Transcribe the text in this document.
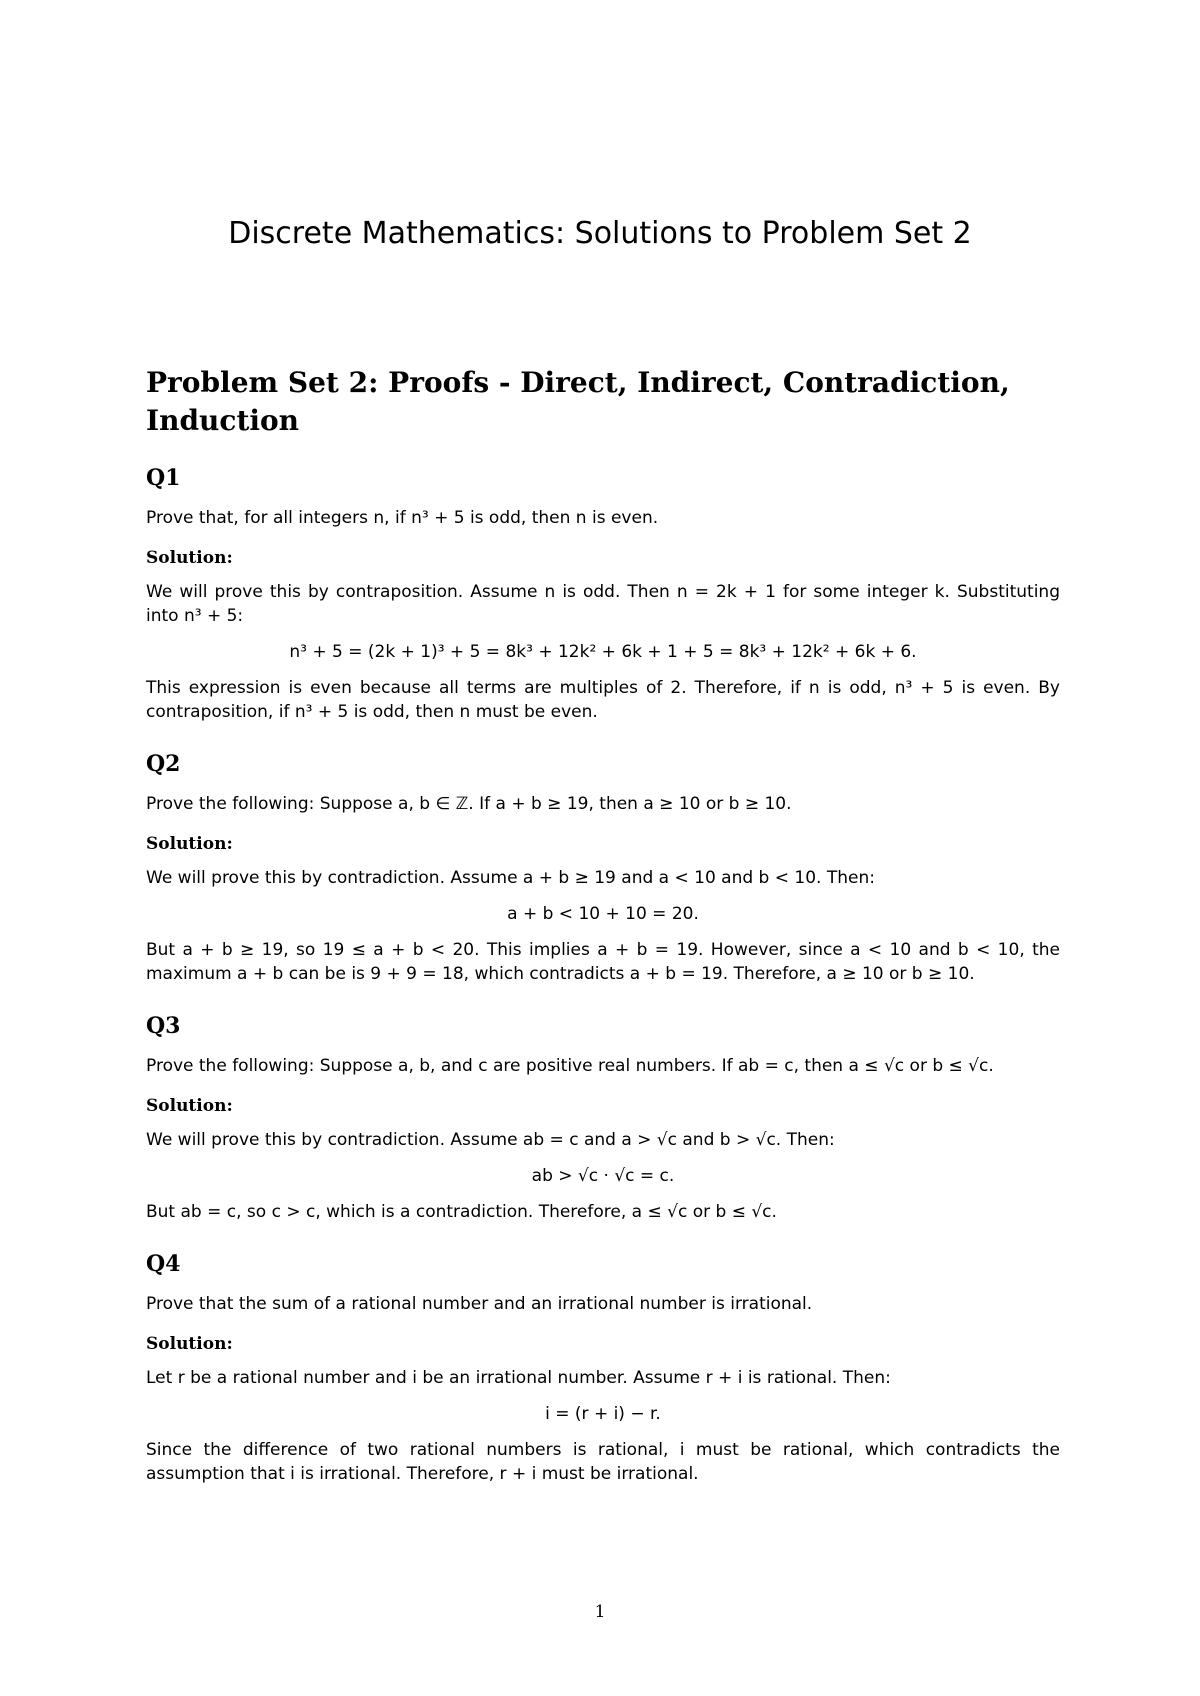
Discrete Mathematics: Solutions to Problem Set 2
Problem Set 2: Proofs - Direct, Indirect, Contradiction, Induction
Q1

Prove that, for all integers n, if n³ + 5 is odd, then n is even.

Solution:

We will prove this by contraposition. Assume n is odd. Then n = 2k + 1 for some integer k. Substituting into n³ + 5:

n³ + 5 = (2k + 1)³ + 5 = 8k³ + 12k² + 6k + 1 + 5 = 8k³ + 12k² + 6k + 6.

This expression is even because all terms are multiples of 2. Therefore, if n is odd, n³ + 5 is even. By contraposition, if n³ + 5 is odd, then n must be even.

Q2

Prove the following: Suppose a, b ∈ ℤ. If a + b ≥ 19, then a ≥ 10 or b ≥ 10.

Solution:

We will prove this by contradiction. Assume a + b ≥ 19 and a < 10 and b < 10. Then:

a + b < 10 + 10 = 20.

But a + b ≥ 19, so 19 ≤ a + b < 20. This implies a + b = 19. However, since a < 10 and b < 10, the maximum a + b can be is 9 + 9 = 18, which contradicts a + b = 19. Therefore, a ≥ 10 or b ≥ 10.

Q3

Prove the following: Suppose a, b, and c are positive real numbers. If ab = c, then a ≤ √c or b ≤ √c.

Solution:

We will prove this by contradiction. Assume ab = c and a > √c and b > √c. Then:

ab > √c · √c = c.

But ab = c, so c > c, which is a contradiction. Therefore, a ≤ √c or b ≤ √c.

Q4

Prove that the sum of a rational number and an irrational number is irrational.

Solution:

Let r be a rational number and i be an irrational number. Assume r + i is rational. Then:

i = (r + i) − r.

Since the difference of two rational numbers is rational, i must be rational, which contradicts the assumption that i is irrational. Therefore, r + i must be irrational.

1
